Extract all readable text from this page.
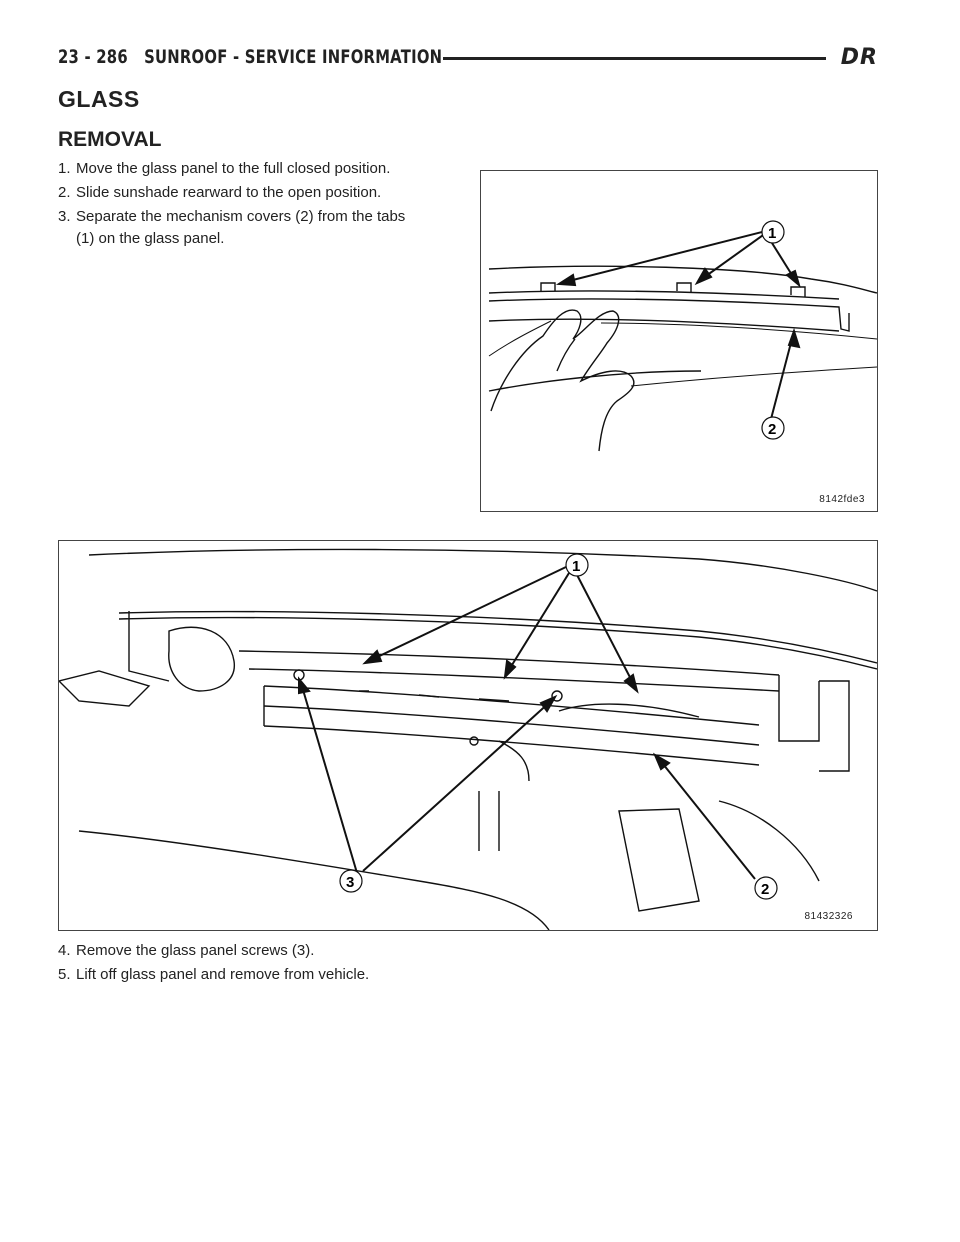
23 - 286 SUNROOF - SERVICE INFORMATION	DR
GLASS
REMOVAL
1. Move the glass panel to the full closed position.
2. Slide sunshade rearward to the open position.
3. Separate the mechanism covers (2) from the tabs
(1) on the glass panel.	1
2
8142fde3
1
2
3
81432326
4. Remove the glass panel screws (3).
5. Lift off glass panel and remove from vehicle.
